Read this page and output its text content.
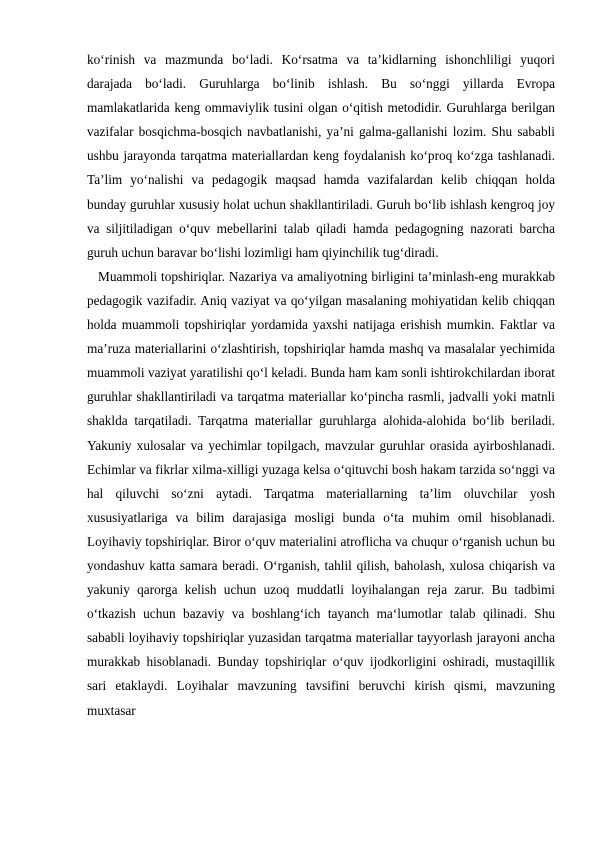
ko‘rinish va mazmunda bo‘ladi. Ko‘rsatma va ta’kidlarning ishonchliligi yuqori darajada bo‘ladi. Guruhlarga bo‘linib ishlash. Bu so‘nggi yillarda Evropa mamlakatlarida keng ommaviylik tusini olgan o‘qitish metodidir. Guruhlarga berilgan vazifalar bosqichma-bosqich navbatlanishi, ya’ni galma-gallanishi lozim. Shu sababli ushbu jarayonda tarqatma materiallardan keng foydalanish ko‘proq ko‘zga tashlanadi. Ta’lim yo‘nalishi va pedagogik maqsad hamda vazifalardan kelib chiqqan holda bunday guruhlar xususiy holat uchun shakllantiriladi. Guruh bo‘lib ishlash kengroq joy va siljitiladigan o‘quv mebellarini talab qiladi hamda pedagogning nazorati barcha guruh uchun baravar bo‘lishi lozimligi ham qiyinchilik tug‘diradi.

Muammoli topshiriqlar. Nazariya va amaliyotning birligini ta’minlash-eng murakkab pedagogik vazifadir. Aniq vaziyat va qo‘yilgan masalaning mohiyatidan kelib chiqqan holda muammoli topshiriqlar yordamida yaxshi natijaga erishish mumkin. Faktlar va ma’ruza materiallarini o‘zlashtirish, topshiriqlar hamda mashq va masalalar yechimida muammoli vaziyat yaratilishi qo‘l keladi. Bunda ham kam sonli ishtirokchilardan iborat guruhlar shakllantiriladi va tarqatma materiallar ko‘pincha rasmli, jadvalli yoki matnli shaklda tarqatiladi. Tarqatma materiallar guruhlarga alohida-alohida bo‘lib beriladi. Yakuniy xulosalar va yechimlar topilgach, mavzular guruhlar orasida ayirboshlanadi. Echimlar va fikrlar xilma-xilligi yuzaga kelsa o‘qituvchi bosh hakam tarzida so‘nggi va hal qiluvchi so‘zni aytadi. Tarqatma materiallarning ta’lim oluvchilar yosh xususiyatlariga va bilim darajasiga mosligi bunda o‘ta muhim omil hisoblanadi. Loyihaviy topshiriqlar. Biror o‘quv materialini atroflicha va chuqur o‘rganish uchun bu yondashuv katta samara beradi. O‘rganish, tahlil qilish, baholash, xulosa chiqarish va yakuniy qarorga kelish uchun uzoq muddatli loyihalangan reja zarur. Bu tadbimi o‘tkazish uchun bazaviy va boshlang‘ich tayanch ma‘lumotlar talab qilinadi. Shu sababli loyihaviy topshiriqlar yuzasidan tarqatma materiallar tayyorlash jarayoni ancha murakkab hisoblanadi. Bunday topshiriqlar o‘quv ijodkorligini oshiradi, mustaqillik sari etaklaydi. Loyihalar mavzuning tavsifini beruvchi kirish qismi, mavzuning muxtasar
